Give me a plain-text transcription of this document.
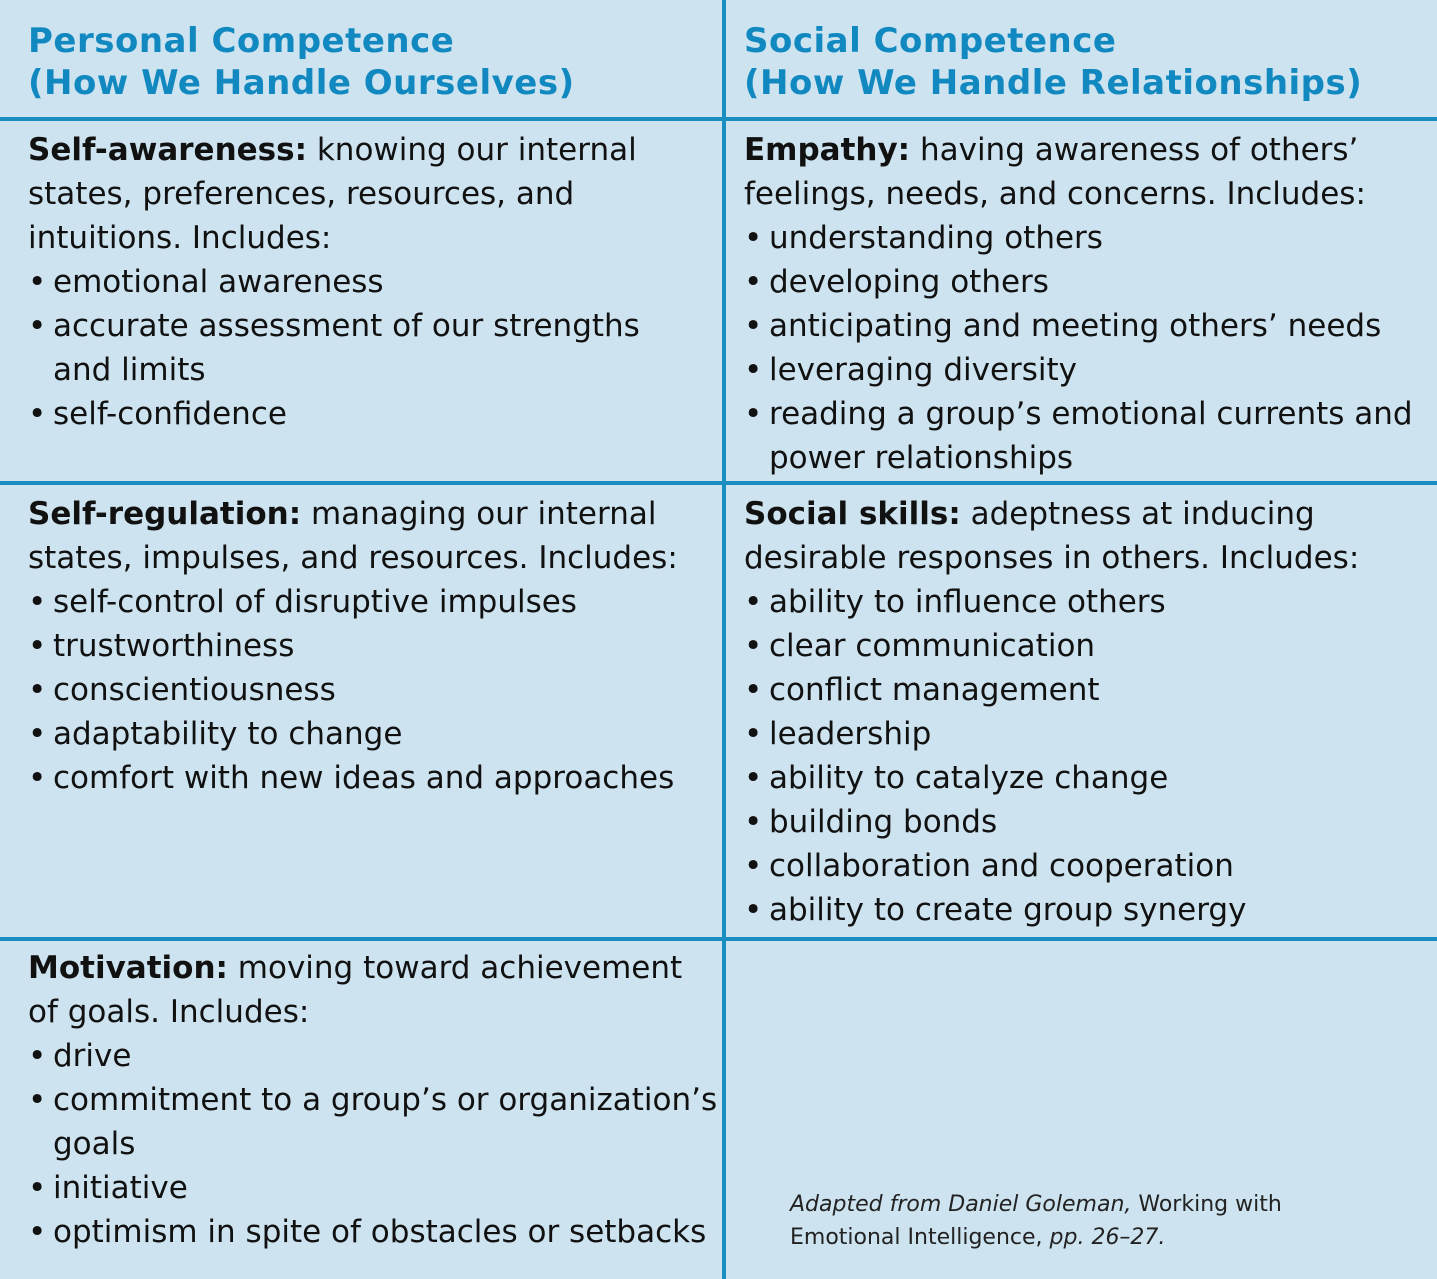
Personal Competence
(How We Handle Ourselves)
Social Competence
(How We Handle Relationships)

Self-awareness: knowing our internal states, preferences, resources, and intuitions. Includes:

• emotional awareness
• accurate assessment of our strengths and limits
• self-confidence

Empathy: having awareness of others’ feelings, needs, and concerns. Includes:

• understanding others
• developing others
• anticipating and meeting others’ needs
• leveraging diversity
• reading a group’s emotional currents and power relationships

Self-regulation: managing our internal states, impulses, and resources. Includes:

• self-control of disruptive impulses
• trustworthiness
• conscientiousness
• adaptability to change
• comfort with new ideas and approaches

Social skills: adeptness at inducing desirable responses in others. Includes:

• ability to influence others
• clear communication
• conflict management
• leadership
• ability to catalyze change
• building bonds
• collaboration and cooperation
• ability to create group synergy

Motivation: moving toward achievement of goals. Includes:

• drive
• commitment to a group’s or organization’s goals
• initiative
• optimism in spite of obstacles or setbacks
Adapted from Daniel Goleman, Working with Emotional Intelligence, pp. 26–27.
